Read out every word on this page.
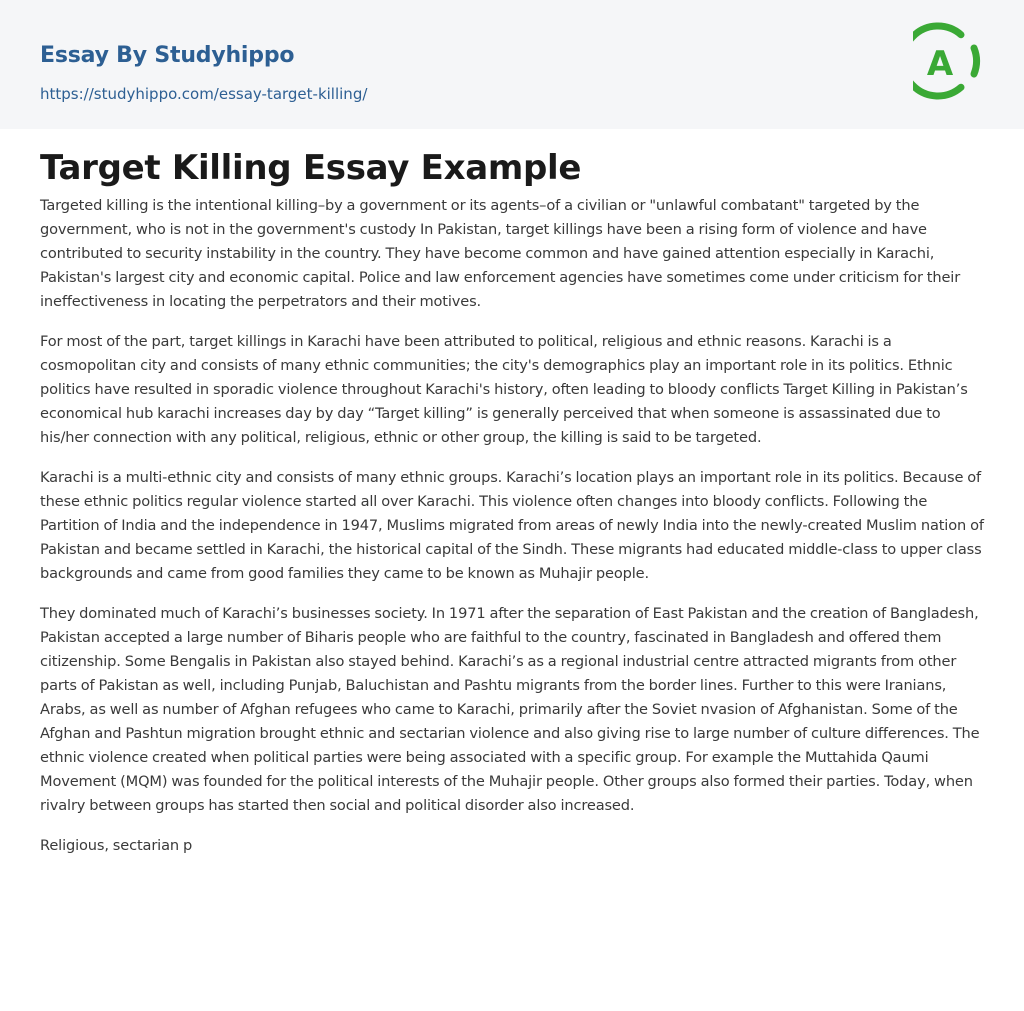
Essay By Studyhippo
https://studyhippo.com/essay-target-killing/
A
Target Killing Essay Example

Targeted killing is the intentional killing–by a government or its agents–of a civilian or "unlawful combatant" targeted by the government, who is not in the government's custody In Pakistan, target killings have been a rising form of violence and have contributed to security instability in the country. They have become common and have gained attention especially in Karachi, Pakistan's largest city and economic capital. Police and law enforcement agencies have sometimes come under criticism for their ineffectiveness in locating the perpetrators and their motives.

For most of the part, target killings in Karachi have been attributed to political, religious and ethnic reasons. Karachi is a cosmopolitan city and consists of many ethnic communities; the city's demographics play an important role in its politics. Ethnic politics have resulted in sporadic violence throughout Karachi's history, often leading to bloody conflicts Target Killing in Pakistan’s economical hub karachi increases day by day “Target killing” is generally perceived that when someone is assassinated due to his/her connection with any political, religious, ethnic or other group, the killing is said to be targeted.

Karachi is a multi-ethnic city and consists of many ethnic groups. Karachi’s location plays an important role in its politics. Because of these ethnic politics regular violence started all over Karachi. This violence often changes into bloody conflicts. Following the Partition of India and the independence in 1947, Muslims migrated from areas of newly India into the newly-created Muslim nation of Pakistan and became settled in Karachi, the historical capital of the Sindh. These migrants had educated middle-class to upper class backgrounds and came from good families they came to be known as Muhajir people.

They dominated much of Karachi’s businesses society. In 1971 after the separation of East Pakistan and the creation of Bangladesh, Pakistan accepted a large number of Biharis people who are faithful to the country, fascinated in Bangladesh and offered them citizenship. Some Bengalis in Pakistan also stayed behind. Karachi’s as a regional industrial centre attracted migrants from other parts of Pakistan as well, including Punjab, Baluchistan and Pashtu migrants from the border lines. Further to this were Iranians, Arabs, as well as number of Afghan refugees who came to Karachi, primarily after the Soviet nvasion of Afghanistan. Some of the Afghan and Pashtun migration brought ethnic and sectarian violence and also giving rise to large number of culture differences. The ethnic violence created when political parties were being associated with a specific group. For example the Muttahida Qaumi Movement (MQM) was founded for the political interests of the Muhajir people. Other groups also formed their parties. Today, when rivalry between groups has started then social and political disorder also increased.

Religious, sectarian p
